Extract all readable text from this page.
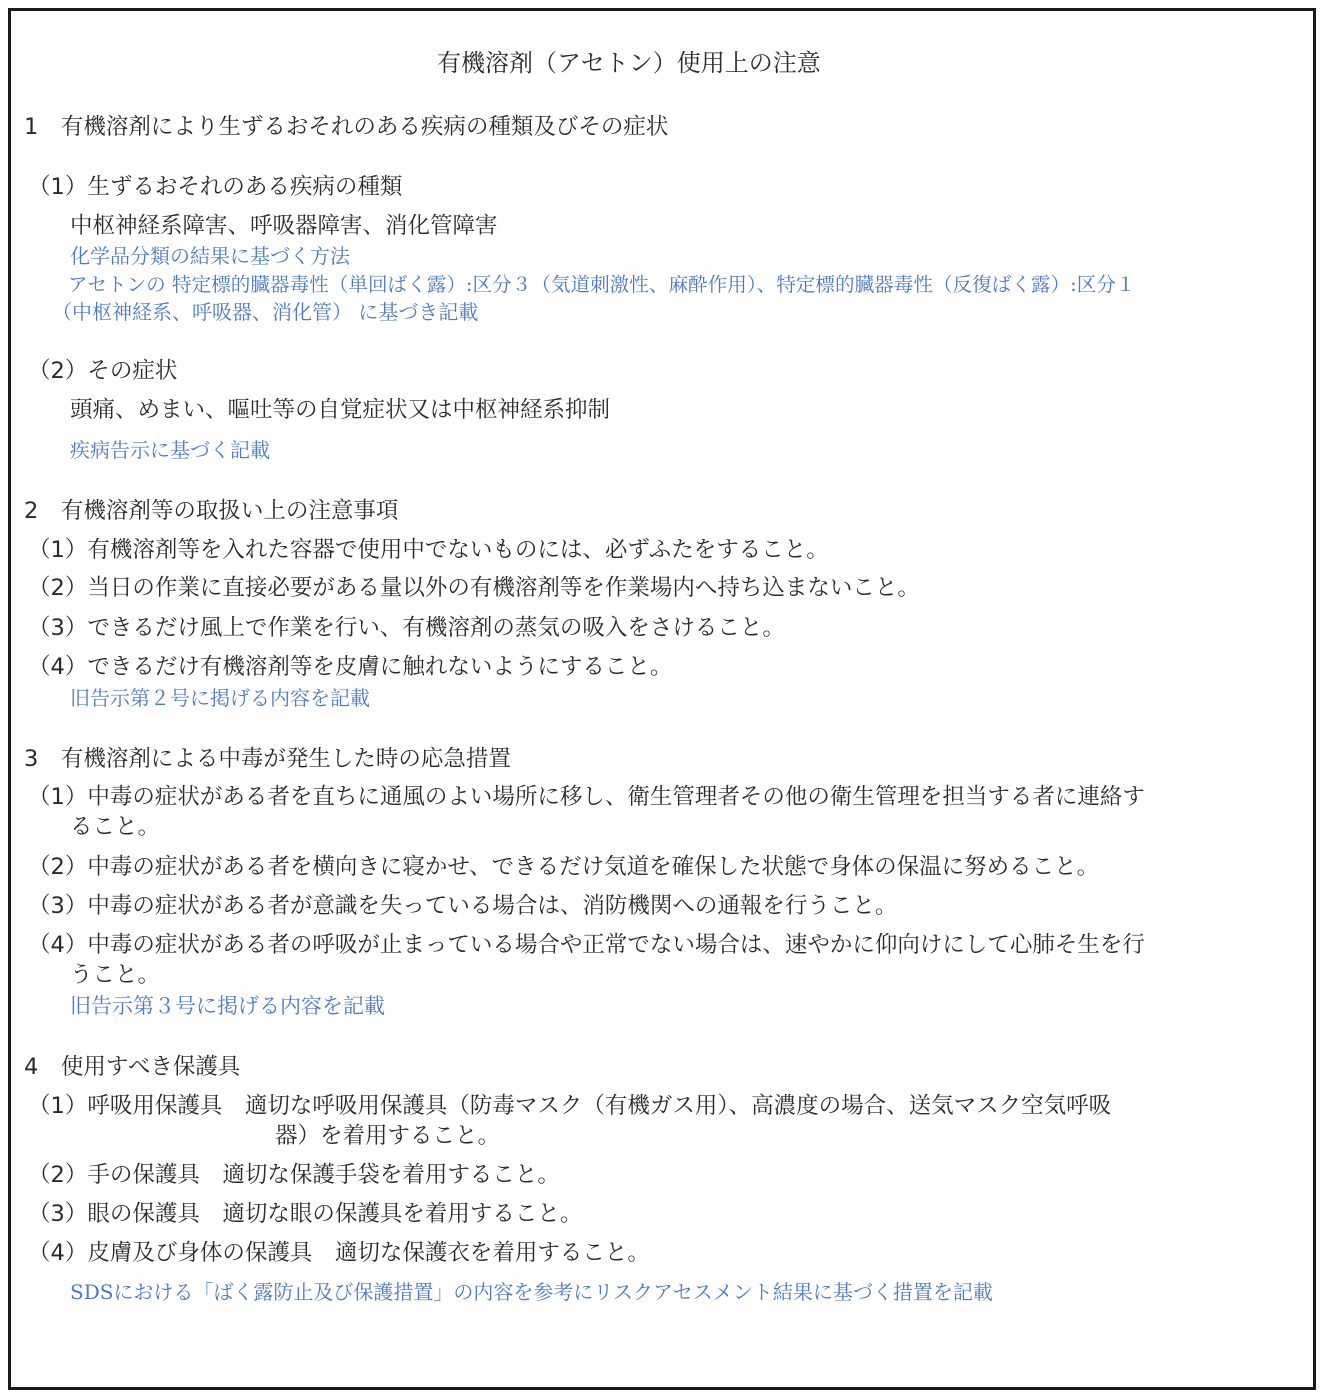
有機溶剤（アセトン）使用上の注意
1　有機溶剤により生ずるおそれのある疾病の種類及びその症状
（1）生ずるおそれのある疾病の種類
中枢神経系障害、呼吸器障害、消化管障害
化学品分類の結果に基づく方法
アセトンの 特定標的臓器毒性（単回ばく露）:区分３（気道刺激性、麻酔作用）、特定標的臓器毒性（反復ばく露）:区分１
（中枢神経系、呼吸器、消化管） に基づき記載
（2）その症状
頭痛、めまい、嘔吐等の自覚症状又は中枢神経系抑制
疾病告示に基づく記載
2　有機溶剤等の取扱い上の注意事項
（1）有機溶剤等を入れた容器で使用中でないものには、必ずふたをすること。
（2）当日の作業に直接必要がある量以外の有機溶剤等を作業場内へ持ち込まないこと。
（3）できるだけ風上で作業を行い、有機溶剤の蒸気の吸入をさけること。
（4）できるだけ有機溶剤等を皮膚に触れないようにすること。
旧告示第２号に掲げる内容を記載
3　有機溶剤による中毒が発生した時の応急措置
（1）中毒の症状がある者を直ちに通風のよい場所に移し、衛生管理者その他の衛生管理を担当する者に連絡す
ること。
（2）中毒の症状がある者を横向きに寝かせ、できるだけ気道を確保した状態で身体の保温に努めること。
（3）中毒の症状がある者が意識を失っている場合は、消防機関への通報を行うこと。
（4）中毒の症状がある者の呼吸が止まっている場合や正常でない場合は、速やかに仰向けにして心肺そ生を行
うこと。
旧告示第３号に掲げる内容を記載
4　使用すべき保護具
（1）呼吸用保護具　適切な呼吸用保護具（防毒マスク（有機ガス用）、高濃度の場合、送気マスク空気呼吸
器）を着用すること。
（2）手の保護具　適切な保護手袋を着用すること。
（3）眼の保護具　適切な眼の保護具を着用すること。
（4）皮膚及び身体の保護具　適切な保護衣を着用すること。
SDSにおける「ばく露防止及び保護措置」の内容を参考にリスクアセスメント結果に基づく措置を記載
